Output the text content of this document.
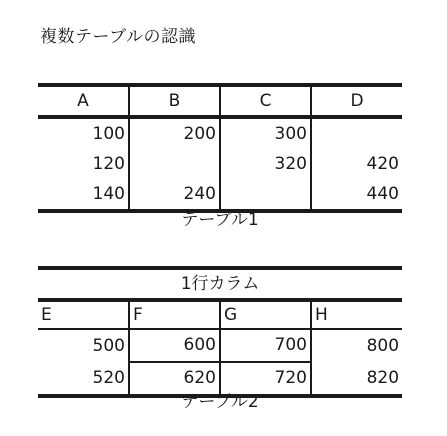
複数テーブルの認識
A	B	C	D
100	200	300	
120		320	420
140	240		440
テーブル1
1行カラム			
E	F	G	H
500	600	700	800
520	620	720	820
テーブル2
